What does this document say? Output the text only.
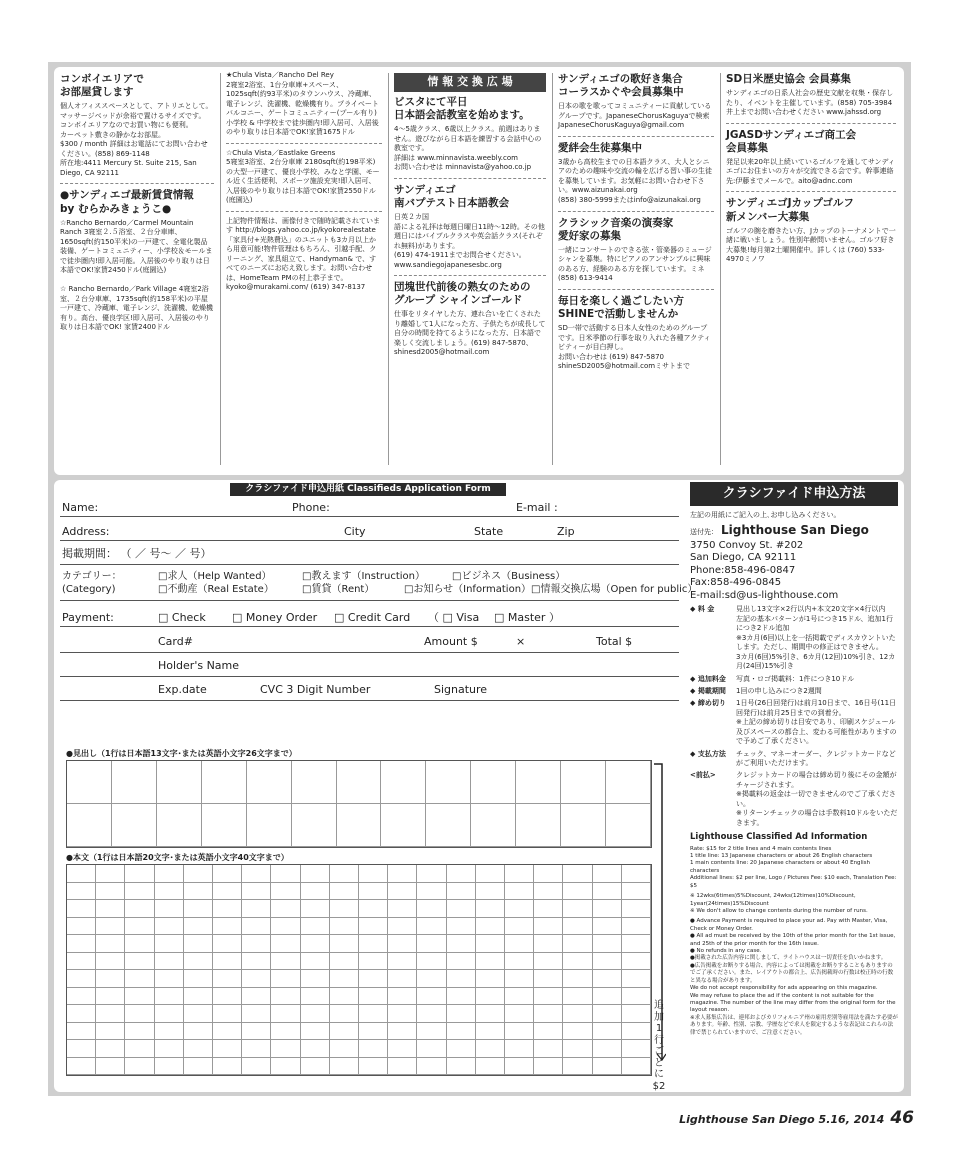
コンボイエリアで
お部屋貸します
個人オフィススペースとして、アトリエとして。
マッサージベッドが余裕で置けるサイズです。
コンボイエリアなのでお買い物にも便利。
カーペット敷きの静かなお部屋。
$300 / month 詳細はお電話にてお問い合わせください。(858) 869-1148
所在地:4411 Mercury St. Suite 215, San Diego, CA 92111
●サンディエゴ最新賃貸情報
by むらかみきょうこ●
☆Rancho Bernardo／Carmel Mountain Ranch 3寝室２.５浴室、２台分車庫、1650sqft(約150平米)の一戸建て、全電化製品装備、ゲートコミュニティー、小学校＆モールまで徒歩圏内!即入居可能。入居後のやり取りは日本語でOK!家賃2450ドル(庭園込)

☆ Rancho Bernardo／Park Village 4寝室2浴室、２台分車庫、1735sqft(約158平米)の平屋一戸建て、冷蔵庫、電子レンジ、洗濯機、乾燥機有り。高台、優良学区!即入居可、入居後のやり取りは日本語でOK! 家賃2400ドル
★Chula Vista／Rancho Del Rey
2寝室2浴室、1台分車庫+スペース、1025sqft(約93平米)のタウンハウス、冷蔵庫、電子レンジ、洗濯機、乾燥機有り。プライベートバルコニー、ゲートコミュニティー(プール有り)
小学校 & 中学校まで徒歩圏内!即入居可、入居後のやり取りは日本語でOK!家賃1675ドル
☆Chula Vista／Eastlake Greens
5寝室3浴室、2台分車庫 2180sqft(約198平米)の大型一戸建て、優良小学校、みなと学園、モール近く生活便利、スポーツ施設充実!即入居可、入居後のやり取りは日本語でOK!家賃2550ドル(庭園込)
上記物件情報は、画像付きで随時記載されています http://blogs.yahoo.co.jp/kyokorealestate 「家具付+光熱費込」のユニットも3カ月以上から用意可能!物件管理はもちろん、引越手配、クリーニング、家具組立て、Handyman& で、すべてのニーズにお応え致します。お問い合わせは、HomeTeam PMの村上恭子まで。kyoko@murakami.com/ (619) 347-8137
情 報 交 換 広 場
ビスタにて平日
日本語会話教室を始めます。
4～5歳クラス、6歳以上クラス。前週はありません。遊びながら日本語を練習する会話中心の教室です。
詳細は www.minnavista.weebly.com
お問い合わせは minnavista@yahoo.co.jp
サンディエゴ
南バプテスト日本語教会
日英２カ国
語による礼拝は毎週日曜日11時～12時。その他週日にはバイブルクラスや英会話クラス(それぞれ無料)があります。
(619) 474-1911までお問合せください。
www.sandiegojapanesesbc.org
団塊世代前後の熟女のための
グループ シャインゴールド
仕事をリタイヤした方、連れ合いを亡くされたり離婚して1人になった方、子供たちが成長して自分の時間を持てるようになった方、日本語で楽しく交流しましょう。(619) 847-5870、shinesd2005@hotmail.com
サンディエゴの歌好き集合
コーラスかぐや会員募集中
日本の歌を歌ってコミュニティーに貢献しているグループです。JapaneseChorusKaguyaで検索 JapaneseChorusKaguya@gmail.com
愛絆会生徒募集中
3歳から高校生までの日本語クラス、大人とシニアのための趣味や交流の輪を広げる習い事の生徒を募集しています。お気軽にお問い合わせ下さい。www.aizunakai.org
(858) 380-5999またはinfo@aizunakai.org
クラシック音楽の演奏家
愛好家の募集
一緒にコンサートのできる弦・管楽器のミュージシャンを募集。特にピアノのアンサンブルに興味のある方、経験のある方を探しています。ミネ (858) 613-9414
毎日を楽しく過ごしたい方
SHINEで活動しませんか
SD一帯で活動する日本人女性のためのグループです。日米季節の行事を取り入れた各種アクティビティーが目白押し。
お問い合わせは (619) 847-5870
shineSD2005@hotmail.comミサトまで
SD日米歴史協会 会員募集
サンディエゴの日系人社会の歴史文献を収集・保存したり、イベントを主催しています。(858) 705-3984井上までお問い合わせください www.jahssd.org
JGASDサンディエゴ商工会
会員募集
発足以来20年以上続いているゴルフを通してサンディエゴにお住まいの方々が交流できる会です。幹事連絡先:伊藤までメールで。aito@adnc.com
サンディエゴJカップゴルフ
新メンバー大募集
ゴルフの腕を磨きたい方、Jカップのトーナメントで一緒に戦いましょう。性別年齢問いません。ゴルフ好き大募集!毎月第2土曜開催中。詳しくは (760) 533-4970ミノワ
クラシファイド申込用紙 Classifieds Application Form
Name:	Phone:	E-mail :
Address:	City	State	Zip
掲載期間： （ ／ 号～ ／ 号）
カテゴリー：
(Category)
□求人（Help Wanted）	□教えます（Instruction）	□ビジネス（Business）
□不動産（Real Estate）	□賃貸（Rent）	□お知らせ（Information）□情報交換広場（Open for public）
Payment:	□ Check □ Money Order □ Credit Card （ □ Visa □ Master ）
Card#	Amount $	×	Total $
Holder's Name
Exp.date	CVC 3 Digit Number	Signature
●見出し（1行は日本語13文字･または英語小文字26文字まで）
●本文（1行は日本語20文字･または英語小文字40文字まで）
クラシファイド申込方法
左記の用紙にご記入の上､お申し込みください｡
送付先： Lighthouse San Diego
3750 Convoy St. #202
San Diego, CA 92111
Phone:858-496-0847
Fax:858-496-0845
E-mail:sd@us-lighthouse.com
◆ 料 金	見出し13文字×2行以内+本文20文字×4行以内
左記の基本パターンが1号につき15ドル、追加1行につき2ドル追加
※3カ月(6回)以上を一括掲載でディスカウントいたします。ただし、期間中の修正はできません。
3カ月(6回)5%引き、6カ月(12回)10%引き、12カ月(24回)15%引き
◆ 追加料金	写真・ロゴ掲載料：1件につき10ドル
◆ 掲載期間	1回の申し込みにつき2週間
◆ 締め切り	1日号(26日回発行)は前月10日まで、16日号(11日回発行)は前月25日までの到着分。
※上記の締め切りは目安であり、印刷スケジュール及びスペースの都合上、変わる可能性がありますので予めご了承ください。
◆ 支払方法	チェック、マネーオーダー、クレジットカードなどがご利用いただけます。
<前払>	クレジットカードの場合は締め切り後にその金額がチャージされます。
※掲載料の返金は一切できませんのでご了承ください。
※リターンチェックの場合は手数料10ドルをいただきます。
Lighthouse Classified Ad Information
Rate: $15 for 2 title lines and 4 main contents lines
1 title line: 13 Japanese characters or about 26 English characters
1 main contents line: 20 Japanese characters or about 40 English characters
Additional lines: $2 per line, Logo / Pictures Fee: $10 each, Translation Fee: $5
※ 12wks(6times)5%Discount, 24wks(12times)10%Discount,
1year(24times)15%Discount
※ We don't allow to change contents during the number of runs.
● Advance Payment is required to place your ad. Pay with Master, Visa, Check or Money Order.
● All ad must be received by the 10th of the prior month for the 1st issue, and 25th of the prior month for the 16th issue.
● No refunds in any case.
●掲載された広告内容に関しまして、ライトハウスは一切責任を負いかねます。
●広告掲載をお断りする場合、内容によっては掲載をお断りすることもありますのでご了承ください。また、レイアウトの都合上、広告掲載時の行数は校正時の行数と異なる場合があります。
We do not accept responsibility for ads appearing on this magazine.
We may refuse to place the ad if the content is not suitable for the magazine. The number of the line may differ from the original form for the layout reason.
※求人募集広告は、連邦およびカリフォルニア州の雇用差別等雇用法を満たす必要があります。年齢、性別、宗教、学歴などで求人を限定するような表記はこれらの法律で禁じられていますので、ご注意ください。
追加1行ごとに$2
Lighthouse San Diego 5.16, 2014 46
